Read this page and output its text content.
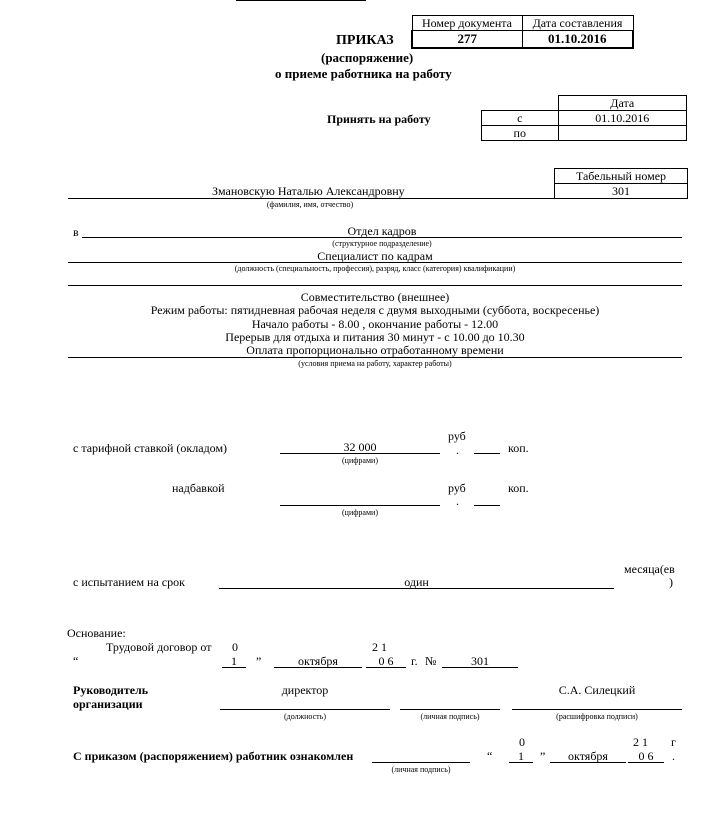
Номер документа	Дата составления
277	01.10.2016
ПРИКАЗ
(распоряжение)
о приеме работника на работу
Принять на работу
	Дата
с	01.10.2016
по	
Табельный номер
301
Змановскую Наталью Александровну
(фамилия, имя, отчество)
в	Отдел кадров
(структурное подразделение)
Специалист по кадрам
(должность (специальность, профессия), разряд, класс (категория) квалификации)
Совместительство (внешнее)
Режим работы: пятидневная рабочая неделя с двумя выходными (суббота, воскресенье)
Начало работы - 8.00 , окончание работы - 12.00
Перерыв для отдыха и питания 30 минут - с 10.00 до 10.30
Оплата пропорционально отработанному времени
(условия приема на работу, характер работы)
руб
с тарифной ставкой (окладом)	32 000	.	коп.
(цифрами)
надбавкой	руб	коп.
.
(цифрами)
месяца(ев
с испытанием на срок	один	)
Основание:
Трудовой договор от 0	2 1
“	1	”	октября	0 6	г. №	301
Руководитель
организации
директор	С.А. Силецкий
(должность)	(личная подпись)	(расшифровка подписи)
0	2 1 г
С приказом (распоряжением) работник ознакомлен
(личная подпись)
“	1	”	октября	0 6	.
